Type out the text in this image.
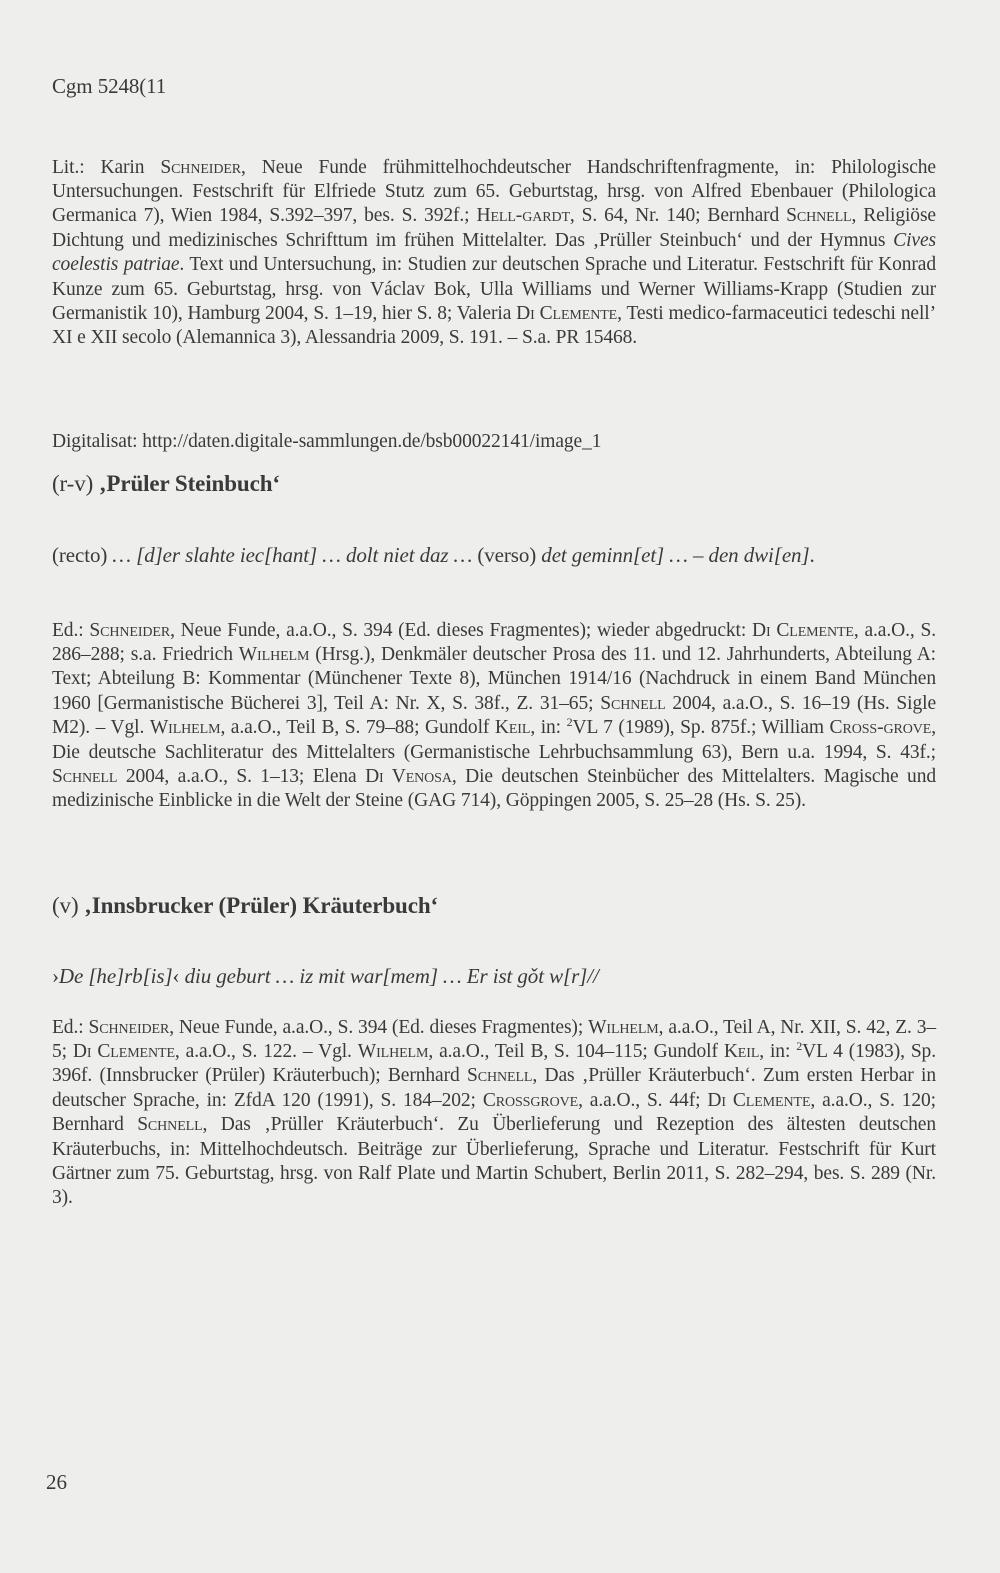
Cgm 5248(11

Lit.: Karin Schneider, Neue Funde frühmittelhochdeutscher Handschriftenfragmente, in: Philologische Untersuchungen. Festschrift für Elfriede Stutz zum 65. Geburtstag, hrsg. von Alfred Ebenbauer (Philologica Germanica 7), Wien 1984, S.392–397, bes. S. 392f.; Hell-gardt, S. 64, Nr. 140; Bernhard Schnell, Religiöse Dichtung und medizinisches Schrifttum im frühen Mittelalter. Das ‚Prüller Steinbuch‘ und der Hymnus Cives coelestis patriae. Text und Untersuchung, in: Studien zur deutschen Sprache und Literatur. Festschrift für Konrad Kunze zum 65. Geburtstag, hrsg. von Václav Bok, Ulla Williams und Werner Williams-Krapp (Studien zur Germanistik 10), Hamburg 2004, S. 1–19, hier S. 8; Valeria Di Clemente, Testi medico-farmaceutici tedeschi nell’ XI e XII secolo (Alemannica 3), Alessandria 2009, S. 191. – S.a. PR 15468.

Digitalisat: http://daten.digitale-sammlungen.de/bsb00022141/image_1

(r-v) ‚Prüler Steinbuch‘

(recto) … [d]er slahte iec[hant] … dolt niet daz … (verso) det geminn[et] … – den dwi[en].

Ed.: Schneider, Neue Funde, a.a.O., S. 394 (Ed. dieses Fragmentes); wieder abgedruckt: Di Clemente, a.a.O., S. 286–288; s.a. Friedrich Wilhelm (Hrsg.), Denkmäler deutscher Prosa des 11. und 12. Jahrhunderts, Abteilung A: Text; Abteilung B: Kommentar (Münchener Texte 8), München 1914/16 (Nachdruck in einem Band München 1960 [Germanistische Bücherei 3], Teil A: Nr. X, S. 38f., Z. 31–65; Schnell 2004, a.a.O., S. 16–19 (Hs. Sigle M2). – Vgl. Wilhelm, a.a.O., Teil B, S. 79–88; Gundolf Keil, in: $^2$VL 7 (1989), Sp. 875f.; William Cross-grove, Die deutsche Sachliteratur des Mittelalters (Germanistische Lehrbuchsammlung 63), Bern u.a. 1994, S. 43f.; Schnell 2004, a.a.O., S. 1–13; Elena Di Venosa, Die deutschen Steinbücher des Mittelalters. Magische und medizinische Einblicke in die Welt der Steine (GAG 714), Göppingen 2005, S. 25–28 (Hs. S. 25).

(v) ‚Innsbrucker (Prüler) Kräuterbuch‘

›De [he]rb[is]‹ diu geburt … iz mit war[mem] … Er ist gǒt w[r]//

Ed.: Schneider, Neue Funde, a.a.O., S. 394 (Ed. dieses Fragmentes); Wilhelm, a.a.O., Teil A, Nr. XII, S. 42, Z. 3–5; Di Clemente, a.a.O., S. 122. – Vgl. Wilhelm, a.a.O., Teil B, S. 104–115; Gundolf Keil, in: $^2$VL 4 (1983), Sp. 396f. (Innsbrucker (Prüler) Kräuterbuch); Bernhard Schnell, Das ‚Prüller Kräuterbuch‘. Zum ersten Herbar in deutscher Sprache, in: ZfdA 120 (1991), S. 184–202; Crossgrove, a.a.O., S. 44f; Di Clemente, a.a.O., S. 120; Bernhard Schnell, Das ‚Prüller Kräuterbuch‘. Zu Überlieferung und Rezeption des ältesten deutschen Kräuterbuchs, in: Mittelhochdeutsch. Beiträge zur Überlieferung, Sprache und Literatur. Festschrift für Kurt Gärtner zum 75. Geburtstag, hrsg. von Ralf Plate und Martin Schubert, Berlin 2011, S. 282–294, bes. S. 289 (Nr. 3).

26
